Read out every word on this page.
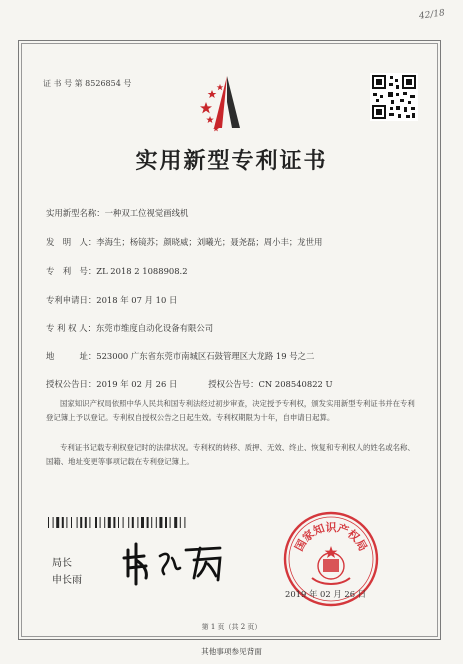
42/18
证 书 号 第 8526854 号
实用新型专利证书
实用新型名称：一种双工位视觉画线机
发　明　人：李海生；杨镜苏；颜晓威；刘曦光；聂尧磊；周小丰；龙世用
专　利　号：ZL 2018 2 1088908.2
专利申请日：2018 年 07 月 10 日
专 利 权 人：东莞市维度自动化设备有限公司
地　　　址：523000 广东省东莞市南城区石鼓管理区大龙路 19 号之二
授权公告日：2019 年 02 月 26 日	授权公告号：CN 208540822 U
国家知识产权局依照中华人民共和国专利法经过初步审查，决定授予专利权，颁发实用新型专利证书并在专利登记簿上予以登记。专利权自授权公告之日起生效。专利权期限为十年，自申请日起算。
专利证书记载专利权登记时的法律状况。专利权的转移、质押、无效、终止、恢复和专利权人的姓名或名称、国籍、地址变更等事项记载在专利登记簿上。
局长
申长雨
国家知识产权局
2019 年 02 月 26 日
第 1 页（共 2 页）
其他事项参见背面
